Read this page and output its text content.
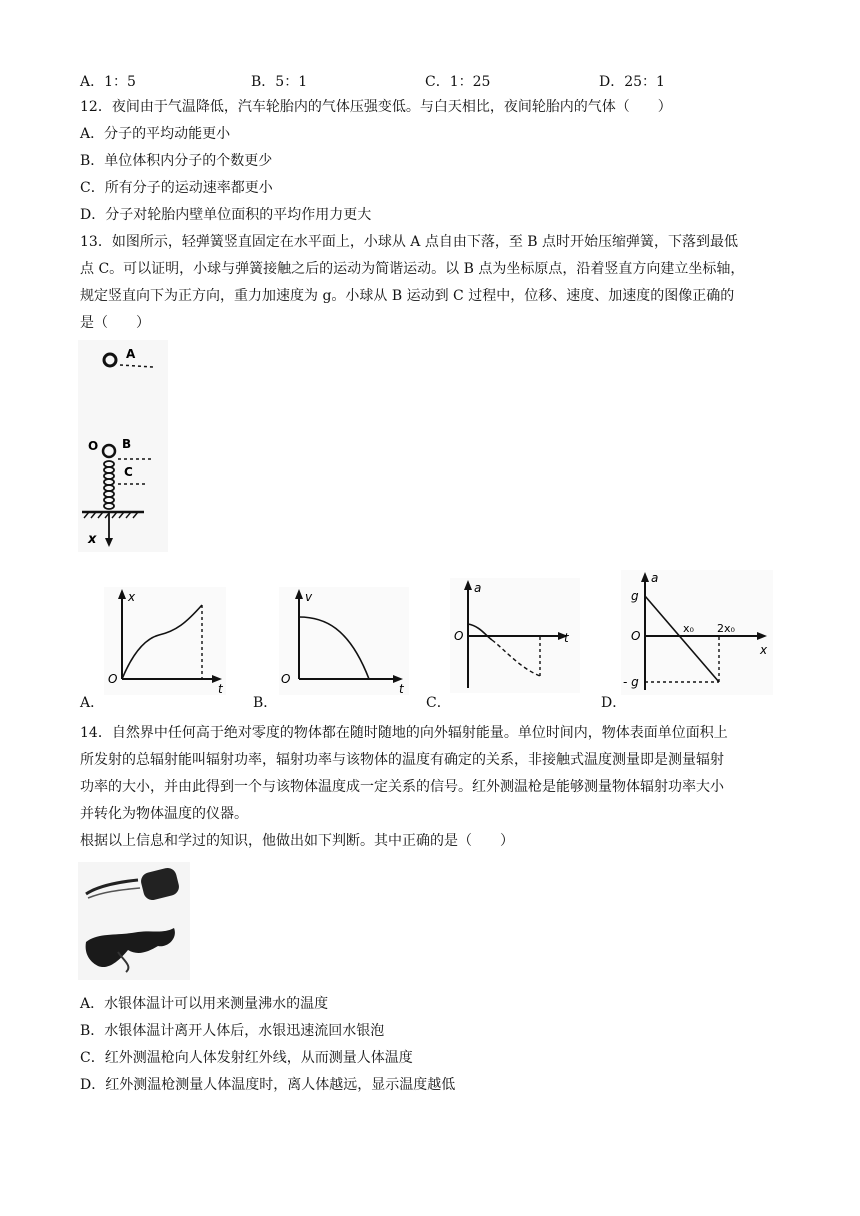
A．1：5	B．5：1	C．1：25	D．25：1
12．夜间由于气温降低，汽车轮胎内的气体压强变低。与白天相比，夜间轮胎内的气体（　　）
A．分子的平均动能更小
B．单位体积内分子的个数更少
C．所有分子的运动速率都更小
D．分子对轮胎内壁单位面积的平均作用力更大
13．如图所示，轻弹簧竖直固定在水平面上，小球从 A 点自由下落，至 B 点时开始压缩弹簧，下落到最低
点 C。可以证明，小球与弹簧接触之后的运动为简谐运动。以 B 点为坐标原点，沿着竖直方向建立坐标轴，
规定竖直向下为正方向，重力加速度为 g。小球从 B 运动到 C 过程中，位移、速度、加速度的图像正确的
是（　　）
A
O B
C
x
x
t
O
v
t
O
a
t
O
a
x
O
g
- g
x₀ 2x₀
A．	B．	C．	D．
14．自然界中任何高于绝对零度的物体都在随时随地的向外辐射能量。单位时间内，物体表面单位面积上
所发射的总辐射能叫辐射功率，辐射功率与该物体的温度有确定的关系，非接触式温度测量即是测量辐射
功率的大小，并由此得到一个与该物体温度成一定关系的信号。红外测温枪是能够测量物体辐射功率大小
并转化为物体温度的仪器。
根据以上信息和学过的知识，他做出如下判断。其中正确的是（　　）
A．水银体温计可以用来测量沸水的温度
B．水银体温计离开人体后，水银迅速流回水银泡
C．红外测温枪向人体发射红外线，从而测量人体温度
D．红外测温枪测量人体温度时，离人体越远，显示温度越低
